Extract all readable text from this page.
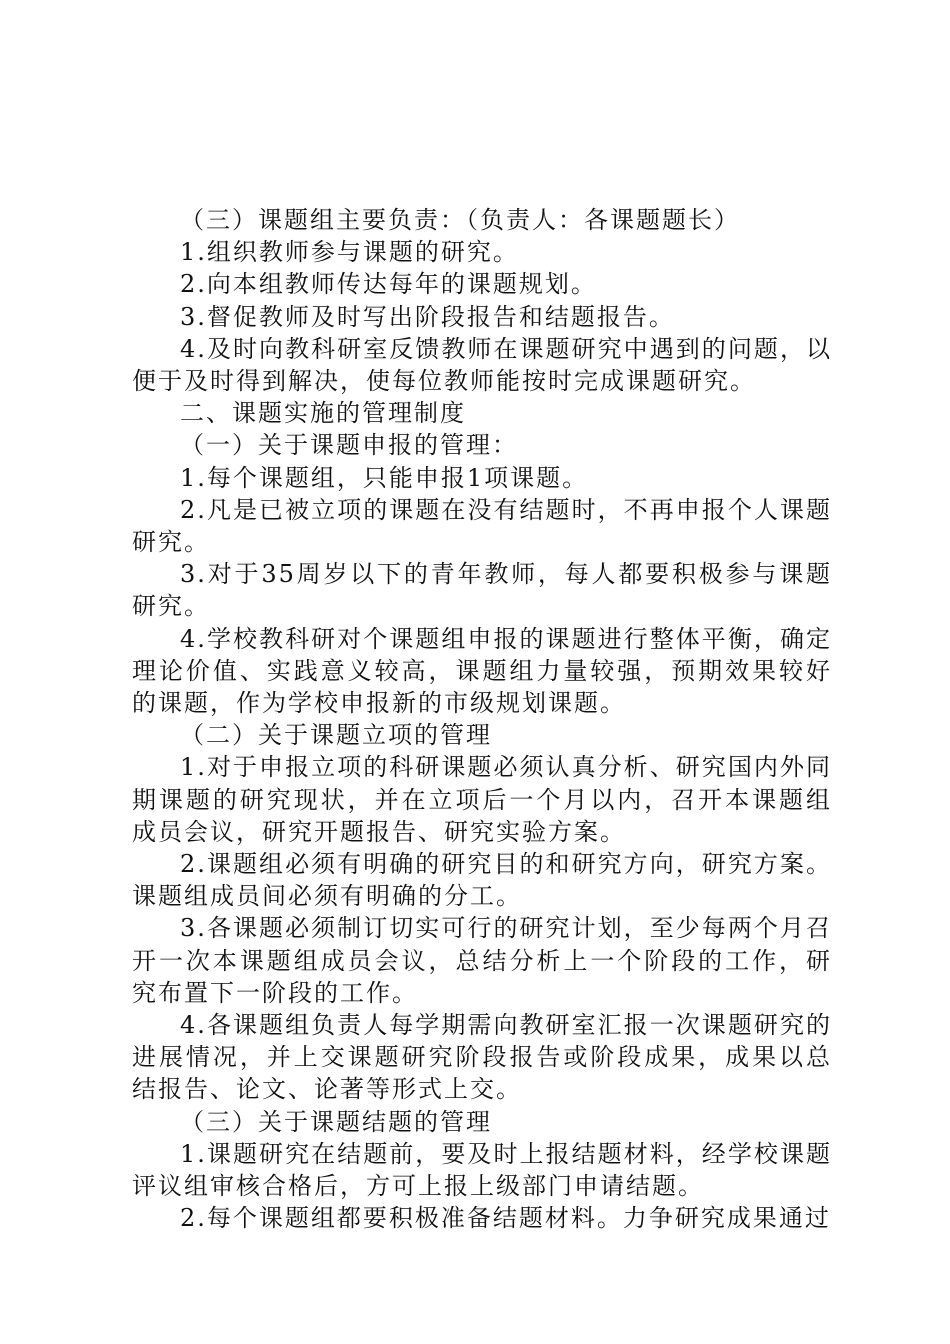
（三）课题组主要负责：（负责人：各课题题长）

1.组织教师参与课题的研究。

2.向本组教师传达每年的课题规划。

3.督促教师及时写出阶段报告和结题报告。

4.及时向教科研室反馈教师在课题研究中遇到的问题，以便于及时得到解决，使每位教师能按时完成课题研究。

二、课题实施的管理制度

（一）关于课题申报的管理：

1.每个课题组，只能申报1项课题。

2.凡是已被立项的课题在没有结题时，不再申报个人课题研究。

3.对于35周岁以下的青年教师，每人都要积极参与课题研究。

4.学校教科研对个课题组申报的课题进行整体平衡，确定理论价值、实践意义较高，课题组力量较强，预期效果较好的课题，作为学校申报新的市级规划课题。

（二）关于课题立项的管理

1.对于申报立项的科研课题必须认真分析、研究国内外同期课题的研究现状，并在立项后一个月以内，召开本课题组成员会议，研究开题报告、研究实验方案。

2.课题组必须有明确的研究目的和研究方向，研究方案。课题组成员间必须有明确的分工。

3.各课题必须制订切实可行的研究计划，至少每两个月召开一次本课题组成员会议，总结分析上一个阶段的工作，研究布置下一阶段的工作。

4.各课题组负责人每学期需向教研室汇报一次课题研究的进展情况，并上交课题研究阶段报告或阶段成果，成果以总结报告、论文、论著等形式上交。

（三）关于课题结题的管理

1.课题研究在结题前，要及时上报结题材料，经学校课题评议组审核合格后，方可上报上级部门申请结题。

2.每个课题组都要积极准备结题材料。力争研究成果通过
